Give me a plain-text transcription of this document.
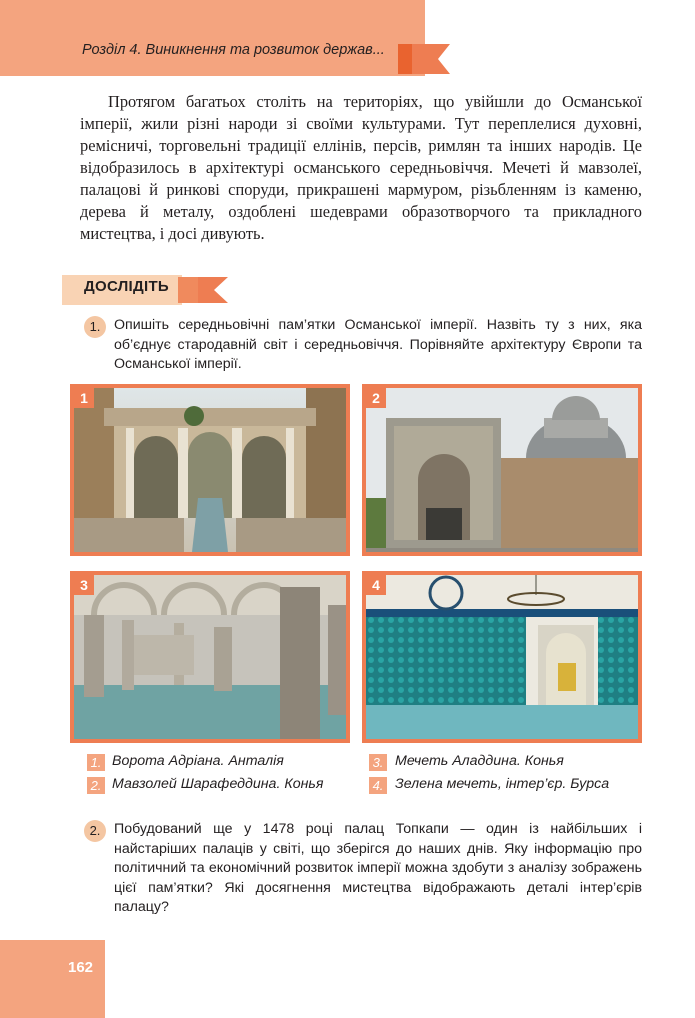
Розділ 4. Виникнення та розвиток держав...

Протягом багатьох століть на територіях, що увійшли до Османської імперії, жили різні народи зі своїми культурами. Тут переплелися духовні, ремісничі, торговельні традиції еллінів, персів, римлян та інших народів. Це відобразилось в архітектурі османського середньовіччя. Мечеті й мавзолеї, палацові й ринкові споруди, прикрашені мармуром, різьбленням із каменю, дерева й металу, оздоблені шедеврами образотворчого та прикладного мистецтва, і досі дивують.

ДОСЛІДІТЬ
1. Опишіть середньовічні пам’ятки Османської імперії. Назвіть ту з них, яка об’єднує стародавній світ і середньовіччя. Порівняйте архітектуру Європи та Османської імперії.

1	2
3	4
1. Ворота Адріана. Анталія
2. Мавзолей Шарафеддина. Конья
3. Мечеть Аладдина. Конья
4. Зелена мечеть, інтер’єр. Бурса
2. Побудований ще у 1478 році палац Топкапи — один із найбільших і найстаріших палаців у світі, що зберігся до наших днів. Яку інформацію про політичний та економічний розвиток імперії можна здобути з аналізу зображень цієї пам’ятки? Які досягнення мистецтва відображають деталі інтер’єрів палацу?

162
